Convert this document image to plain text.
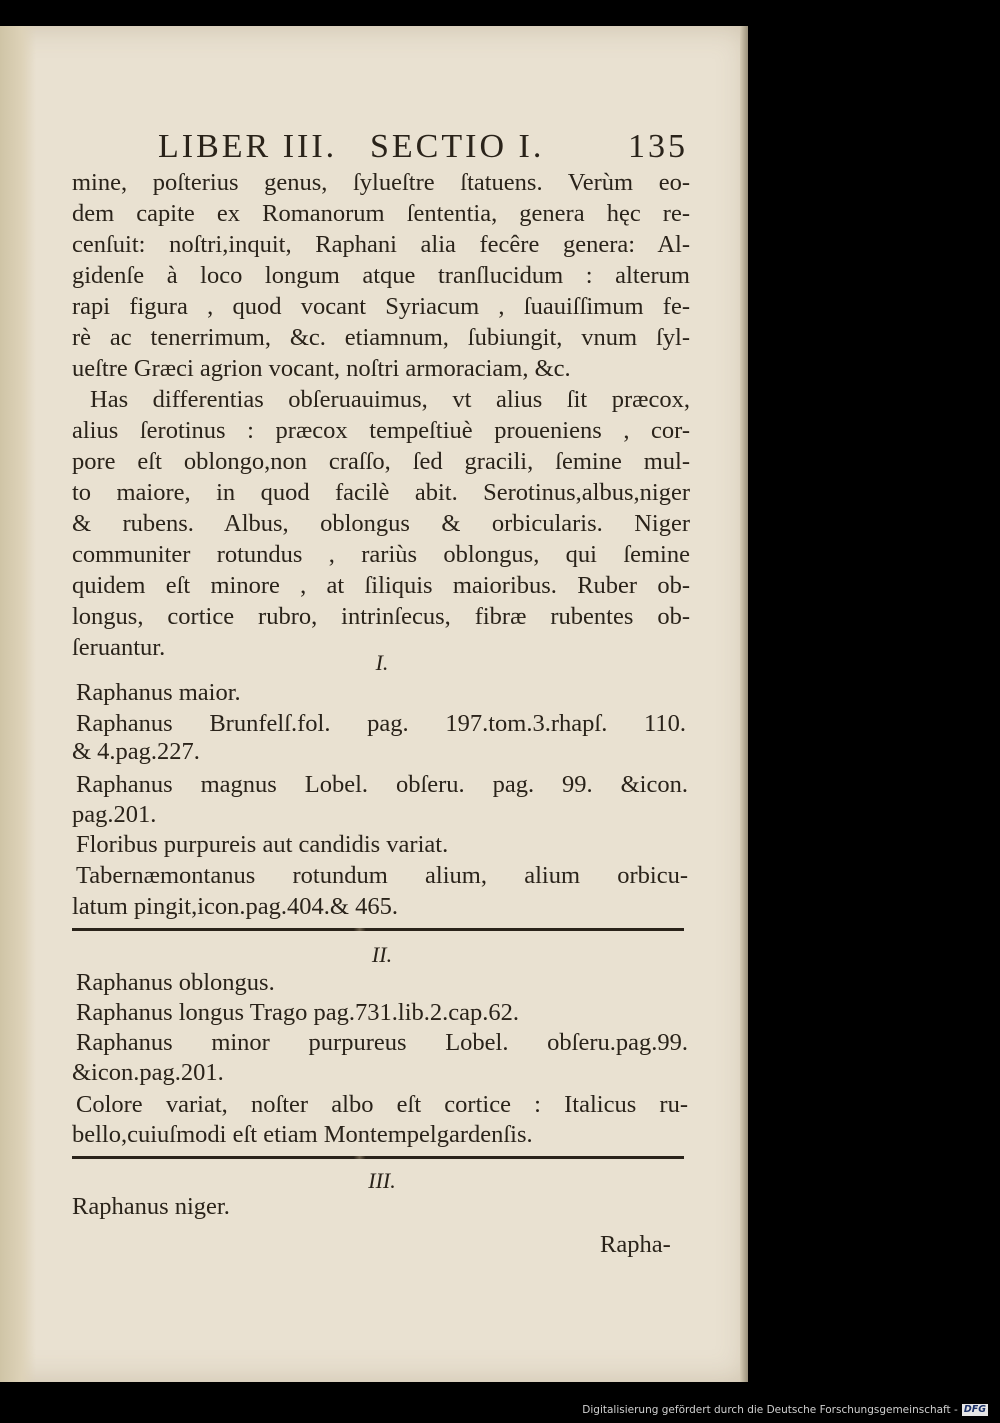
LIBER III. SECTIO I. 135
mine, poſterius genus, ſylueſtre ſtatuens. Verùm eo-
dem capite ex Romanorum ſententia, genera hęc re-
cenſuit: noſtri,inquit, Raphani alia fecêre genera: Al-
gidenſe à loco longum atque tranſlucidum : alterum
rapi figura , quod vocant Syriacum , ſuauiſſimum fe-
rè ac tenerrimum, &c. etiamnum, ſubiungit, vnum ſyl-
ueſtre Græci agrion vocant, noſtri armoraciam, &c.
Has differentias obſeruauimus, vt alius ſit præcox,
alius ſerotinus : præcox tempeſtiuè proueniens , cor-
pore eſt oblongo,non craſſo, ſed gracili, ſemine mul-
to maiore, in quod facilè abit. Serotinus,albus,niger
& rubens. Albus, oblongus & orbicularis. Niger
communiter rotundus , rariùs oblongus, qui ſemine
quidem eſt minore , at ſiliquis maioribus. Ruber ob-
longus, cortice rubro, intrinſecus, fibræ rubentes ob-
ſeruantur.
I.
Raphanus maior.
Raphanus Brunfelſ.fol. pag. 197.tom.3.rhapſ. 110.
& 4.pag.227.
Raphanus magnus Lobel. obſeru. pag. 99. &icon.
pag.201.
Floribus purpureis aut candidis variat.
Tabernæmontanus rotundum alium, alium orbicu-
latum pingit,icon.pag.404.& 465.
II.
Raphanus oblongus.
Raphanus longus Trago pag.731.lib.2.cap.62.
Raphanus minor purpureus Lobel. obſeru.pag.99.
&icon.pag.201.
Colore variat, noſter albo eſt cortice : Italicus ru-
bello,cuiuſmodi eſt etiam Montempelgardenſis.
III.
Raphanus niger.
Rapha-
Digitalisierung gefördert durch die Deutsche Forschungsgemeinschaft - DFG
